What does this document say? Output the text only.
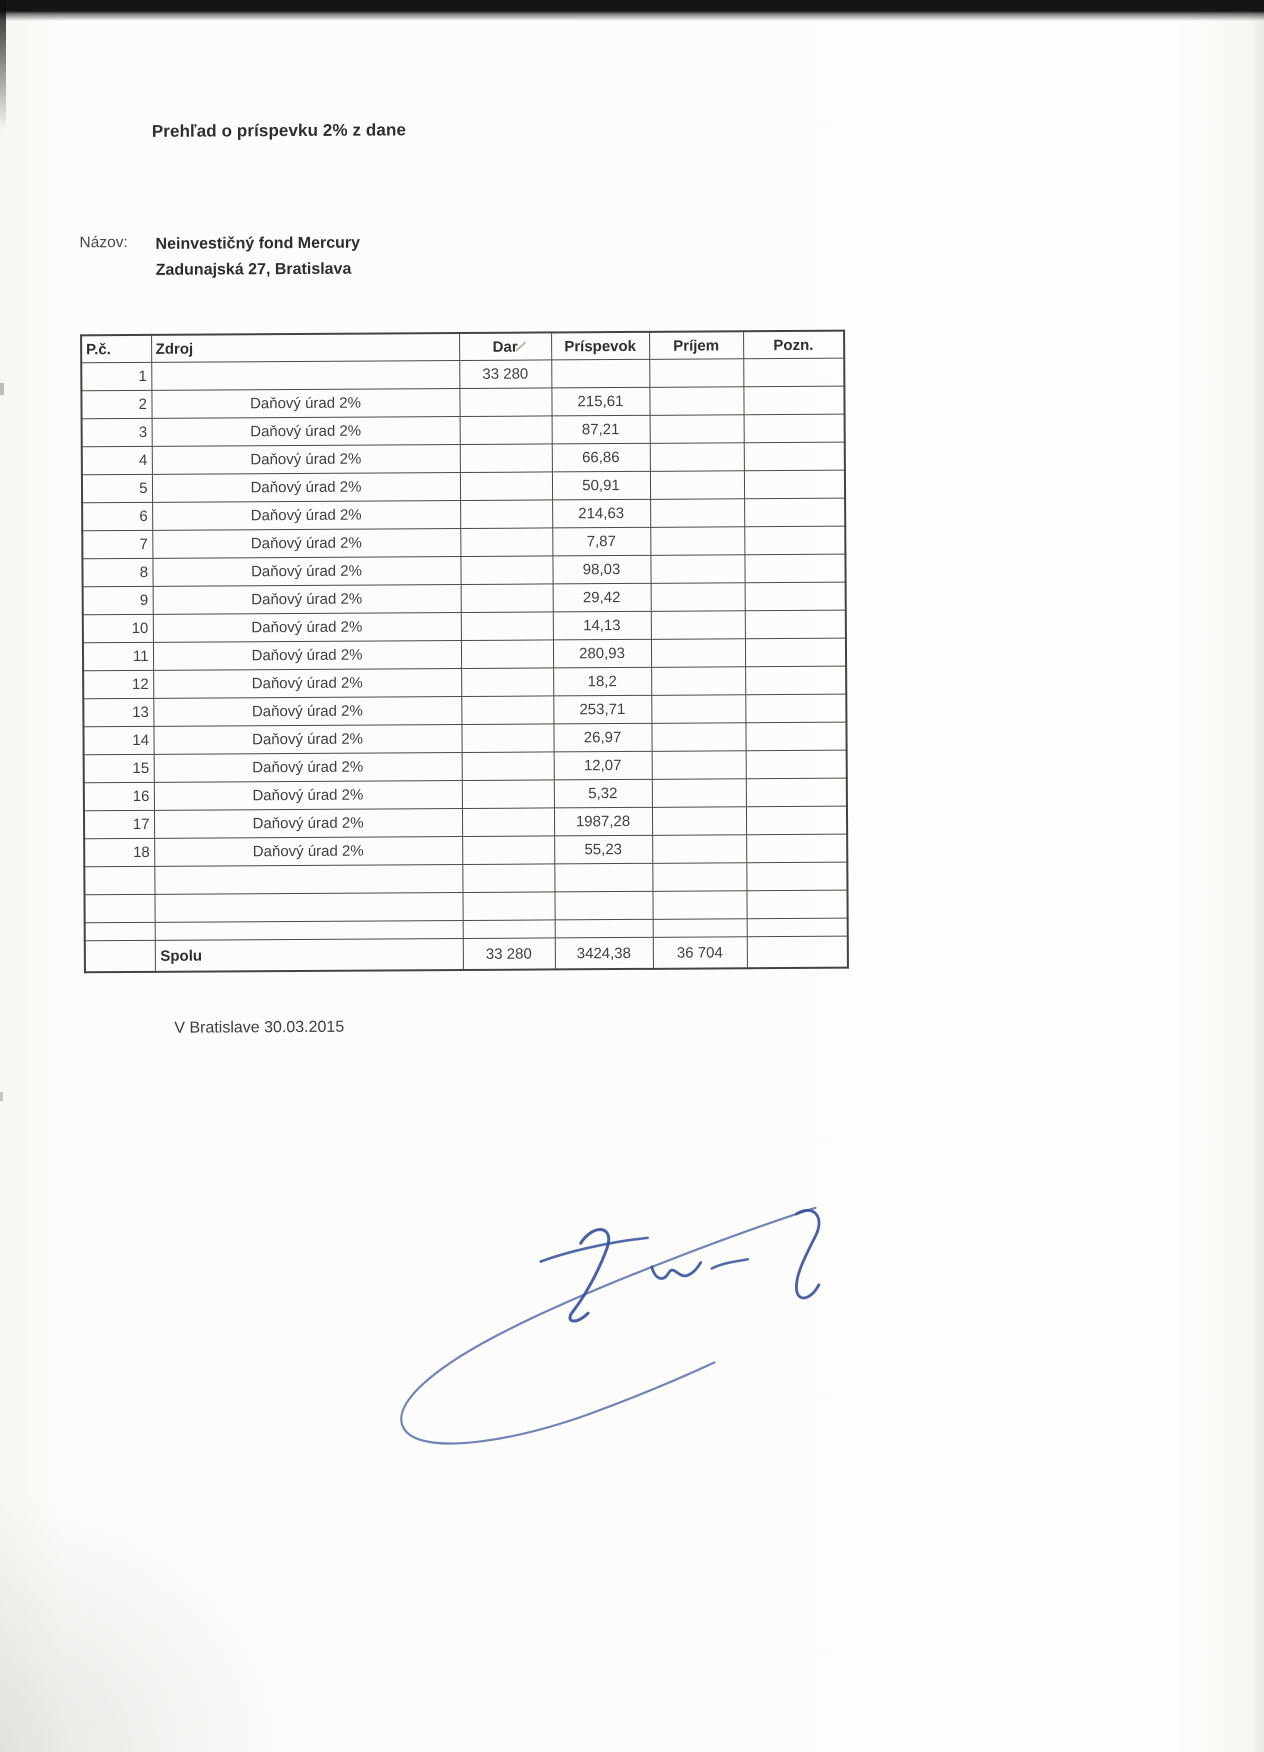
Prehľad o príspevku 2% z dane
Názov:	Neinvestičný fond Mercury
Zadunajská 27, Bratislava
P.č.	Zdroj	Dar	Príspevok	Príjem	Pozn.
1		33 280			
2	Daňový úrad 2%		215,61		
3	Daňový úrad 2%		87,21		
4	Daňový úrad 2%		66,86		
5	Daňový úrad 2%		50,91		
6	Daňový úrad 2%		214,63		
7	Daňový úrad 2%		7,87		
8	Daňový úrad 2%		98,03		
9	Daňový úrad 2%		29,42		
10	Daňový úrad 2%		14,13		
11	Daňový úrad 2%		280,93		
12	Daňový úrad 2%		18,2		
13	Daňový úrad 2%		253,71		
14	Daňový úrad 2%		26,97		
15	Daňový úrad 2%		12,07		
16	Daňový úrad 2%		5,32		
17	Daňový úrad 2%		1987,28		
18	Daňový úrad 2%		55,23		

	Spolu	33 280	3424,38	36 704	
V Bratislave 30.03.2015
